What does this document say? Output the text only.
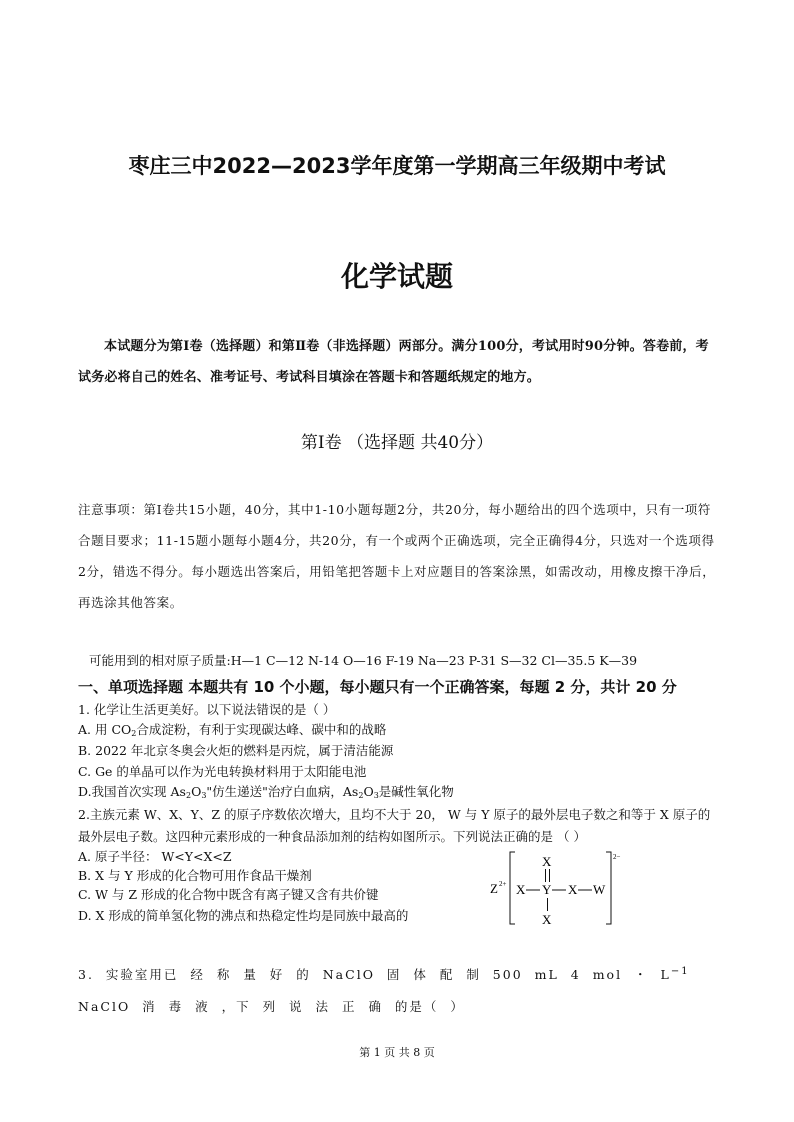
枣庄三中2022—2023学年度第一学期高三年级期中考试
化学试题
本试题分为第Ⅰ卷（选择题）和第Ⅱ卷（非选择题）两部分。满分100分，考试用时90分钟。答卷前，考试务必将自己的姓名、准考证号、考试科目填涂在答题卡和答题纸规定的地方。
第Ⅰ卷 （选择题 共40分）
注意事项：第Ⅰ卷共15小题，40分，其中1-10小题每题2分，共20分，每小题给出的四个选项中，只有一项符合题目要求；11-15题小题每小题4分，共20分，有一个或两个正确选项，完全正确得4分，只选对一个选项得2分，错选不得分。每小题选出答案后，用铅笔把答题卡上对应题目的答案涂黑，如需改动，用橡皮擦干净后，再选涂其他答案。
可能用到的相对原子质量:H—1 C—12 N-14 O—16 F-19 Na—23 P-31 S—32 Cl—35.5 K—39
一、单项选择题 本题共有 10 个小题，每小题只有一个正确答案，每题 2 分，共计 20 分
1. 化学让生活更美好。以下说法错误的是（ ）
A. 用 $CO_2$合成淀粉，有利于实现碳达峰、碳中和的战略
B. 2022 年北京冬奥会火炬的燃料是丙烷，属于清洁能源
C. Ge 的单晶可以作为光电转换材料用于太阳能电池
D.我国首次实现 $As_2O_3$"仿生递送"治疗白血病，$As_2O_3$是碱性氧化物
2.主族元素 W、X、Y、Z 的原子序数依次增大，且均不大于 20， W 与 Y 原子的最外层电子数之和等于 X 原子的最外层电子数。这四种元素形成的一种食品添加剂的结构如图所示。下列说法正确的是 （ ）
A. 原子半径： W<Y<X<Z
B. X 与 Y 形成的化合物可用作食品干燥剂
C. W 与 Z 形成的化合物中既含有离子键又含有共价键
D. X 形成的简单氢化物的沸点和热稳定性均是同族中最高的
Z 2+
2−
X
X Y X W
X
3. 实验室用已 经 称 量 好 的 NaClO 固 体 配 制 500 mL 4 mol ・ $L^{-1}$ NaClO 消 毒 液 ，下 列 说 法 正 确 的是（ ）
第 1 页 共 8 页
